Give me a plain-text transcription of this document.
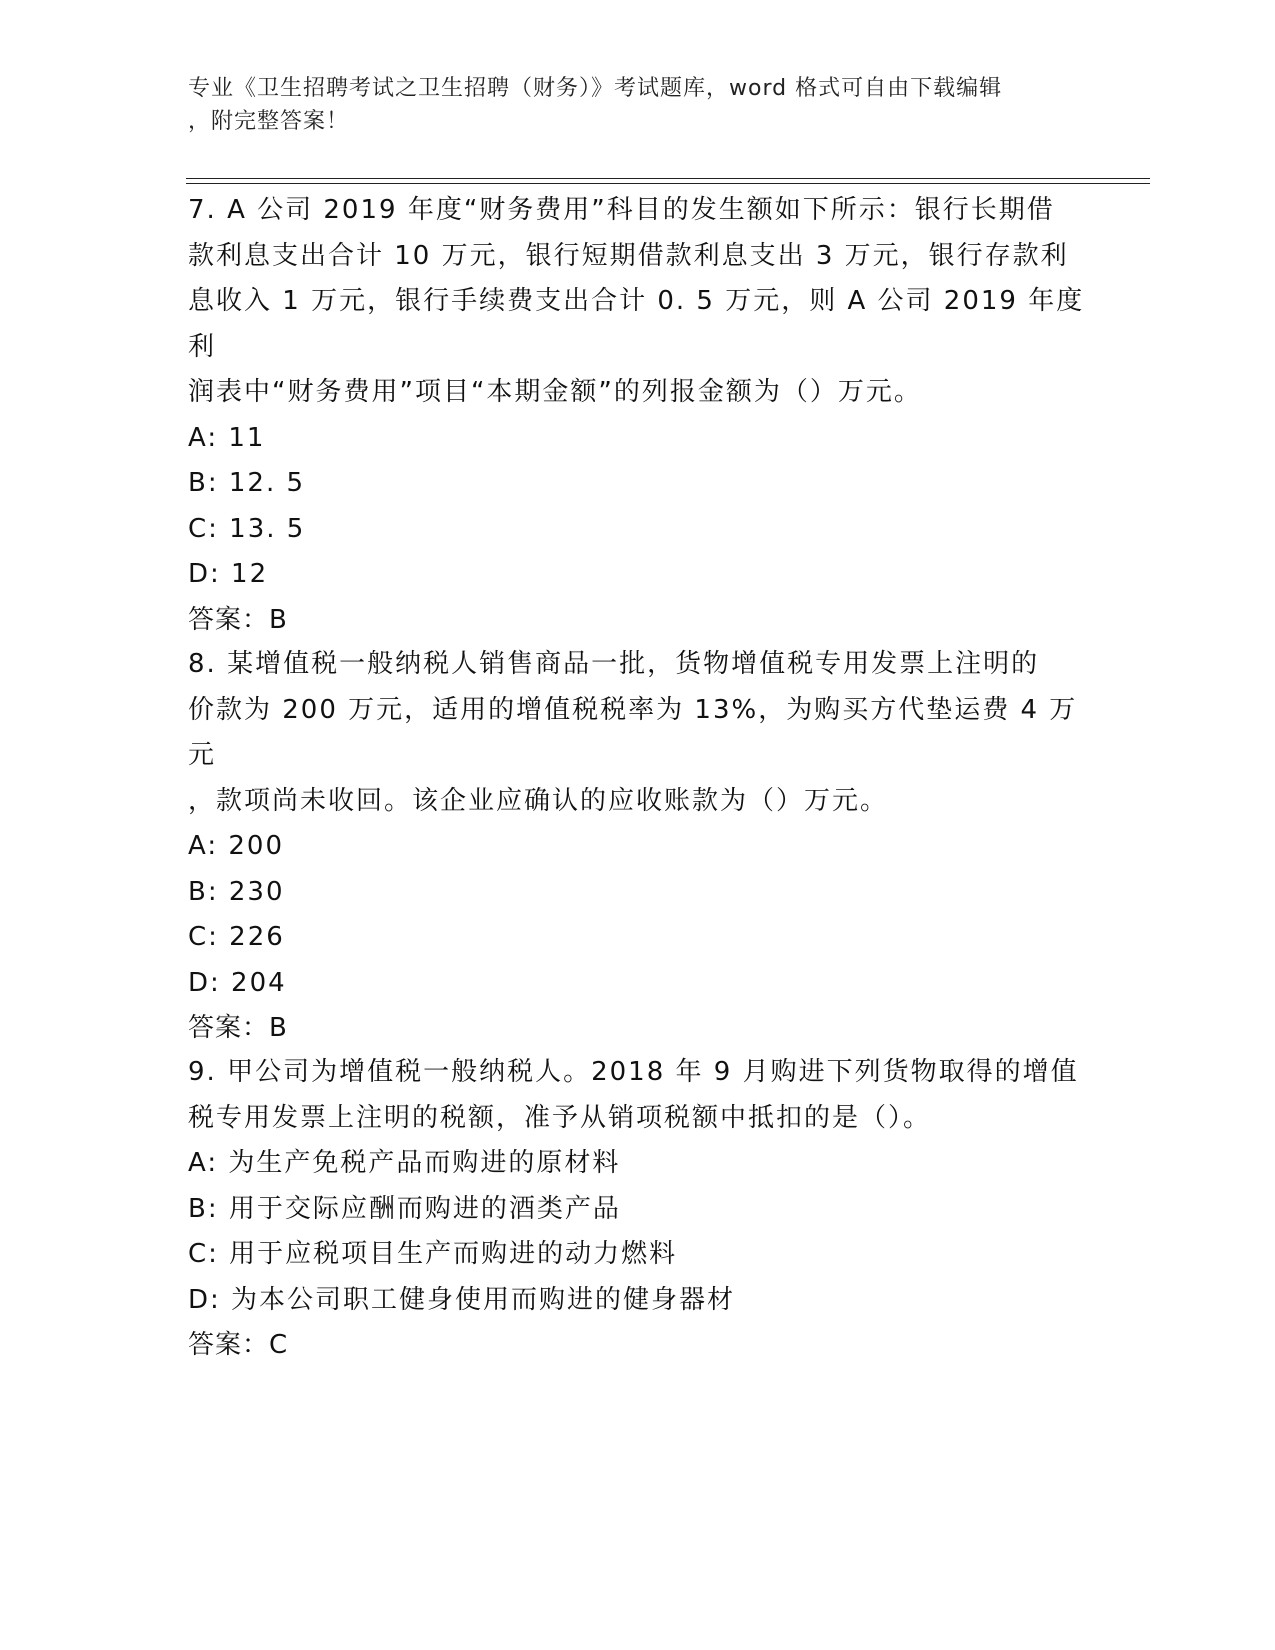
专业《卫生招聘考试之卫生招聘（财务）》考试题库，word 格式可自由下载编辑
，附完整答案！

7. A 公司 2019 年度“财务费用”科目的发生额如下所示：银行长期借

款利息支出合计 10 万元，银行短期借款利息支出 3 万元，银行存款利

息收入 1 万元，银行手续费支出合计 0. 5 万元，则 A 公司 2019 年度利

润表中“财务费用”项目“本期金额”的列报金额为（）万元。

A: 11

B: 12. 5

C: 13. 5

D: 12

答案：B

8. 某增值税一般纳税人销售商品一批，货物增值税专用发票上注明的

价款为 200 万元，适用的增值税税率为 13%，为购买方代垫运费 4 万元

，款项尚未收回。该企业应确认的应收账款为（）万元。

A: 200

B: 230

C: 226

D: 204

答案：B

9. 甲公司为增值税一般纳税人。2018 年 9 月购进下列货物取得的增值

税专用发票上注明的税额，准予从销项税额中抵扣的是（）。

A: 为生产免税产品而购进的原材料

B: 用于交际应酬而购进的酒类产品

C: 用于应税项目生产而购进的动力燃料

D: 为本公司职工健身使用而购进的健身器材

答案：C
